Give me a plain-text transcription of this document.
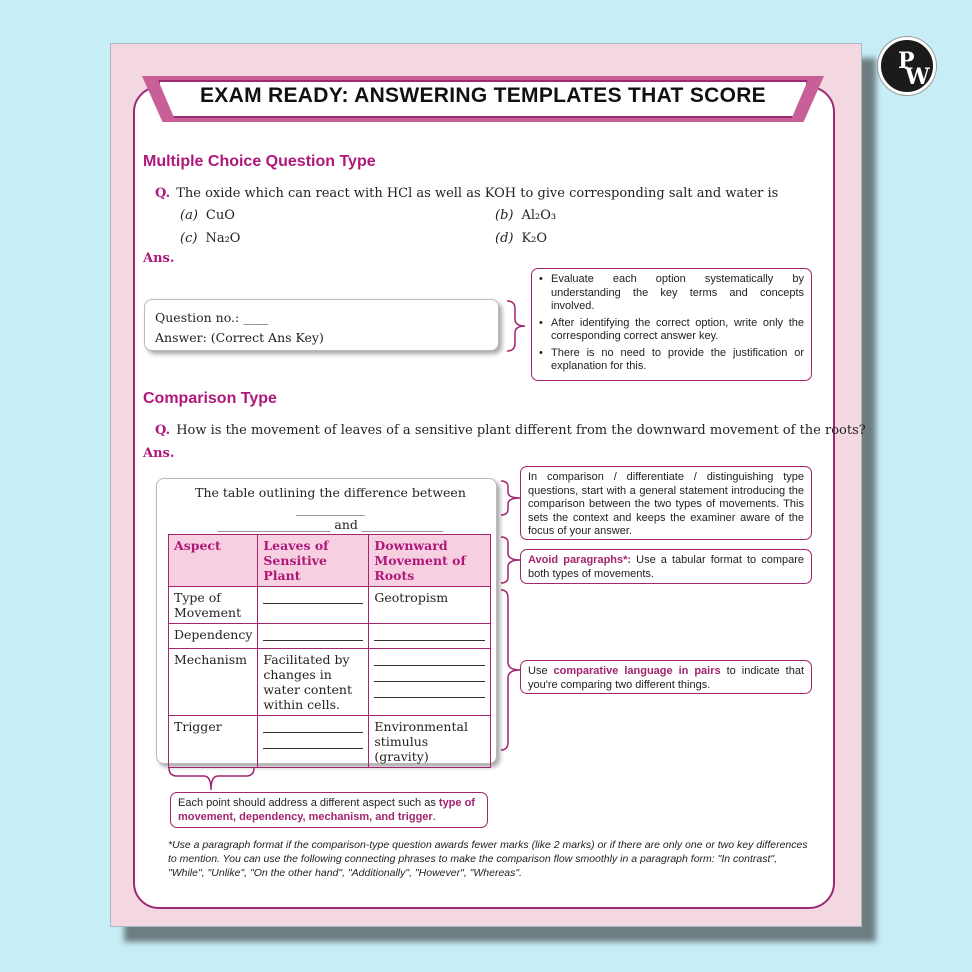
P
W
EXAM READY: ANSWERING TEMPLATES THAT SCORE
Multiple Choice Question Type
Q. The oxide which can react with HCl as well as KOH to give corresponding salt and water is
(a) CuO	(b) Al₂O₃
(c) Na₂O	(d) K₂O
Ans.
Question no.: ____
Answer: (Correct Ans Key)
• Evaluate each option systematically by understanding the key terms and concepts involved.
• After identifying the correct option, write only the corresponding correct answer key.
• There is no need to provide the justification or explanation for this.
Comparison Type
Q. How is the movement of leaves of a sensitive plant different from the downward movement of the roots?
Ans.
The table outlining the difference between ___________
__________________ and _____________
Aspect	Leaves of Sensitive Plant	Downward Movement of Roots
Type of Movement		Geotropism
Dependency	

Mechanism	Facilitated by changes in water content within cells.	

Trigger		Environmental stimulus (gravity)

In comparison / differentiate / distinguishing type questions, start with a general statement introducing the comparison between the two types of movements. This sets the context and keeps the examiner aware of the focus of your answer.

Avoid paragraphs*: Use a tabular format to compare both types of movements.

Use comparative language in pairs to indicate that you're comparing two different things.

Each point should address a different aspect such as type of movement, dependency, mechanism, and trigger.

*Use a paragraph format if the comparison-type question awards fewer marks (like 2 marks) or if there are only one or two key differences to mention. You can use the following connecting phrases to make the comparison flow smoothly in a paragraph form: "In contrast", "While", "Unlike", "On the other hand", "Additionally", "However", "Whereas".
